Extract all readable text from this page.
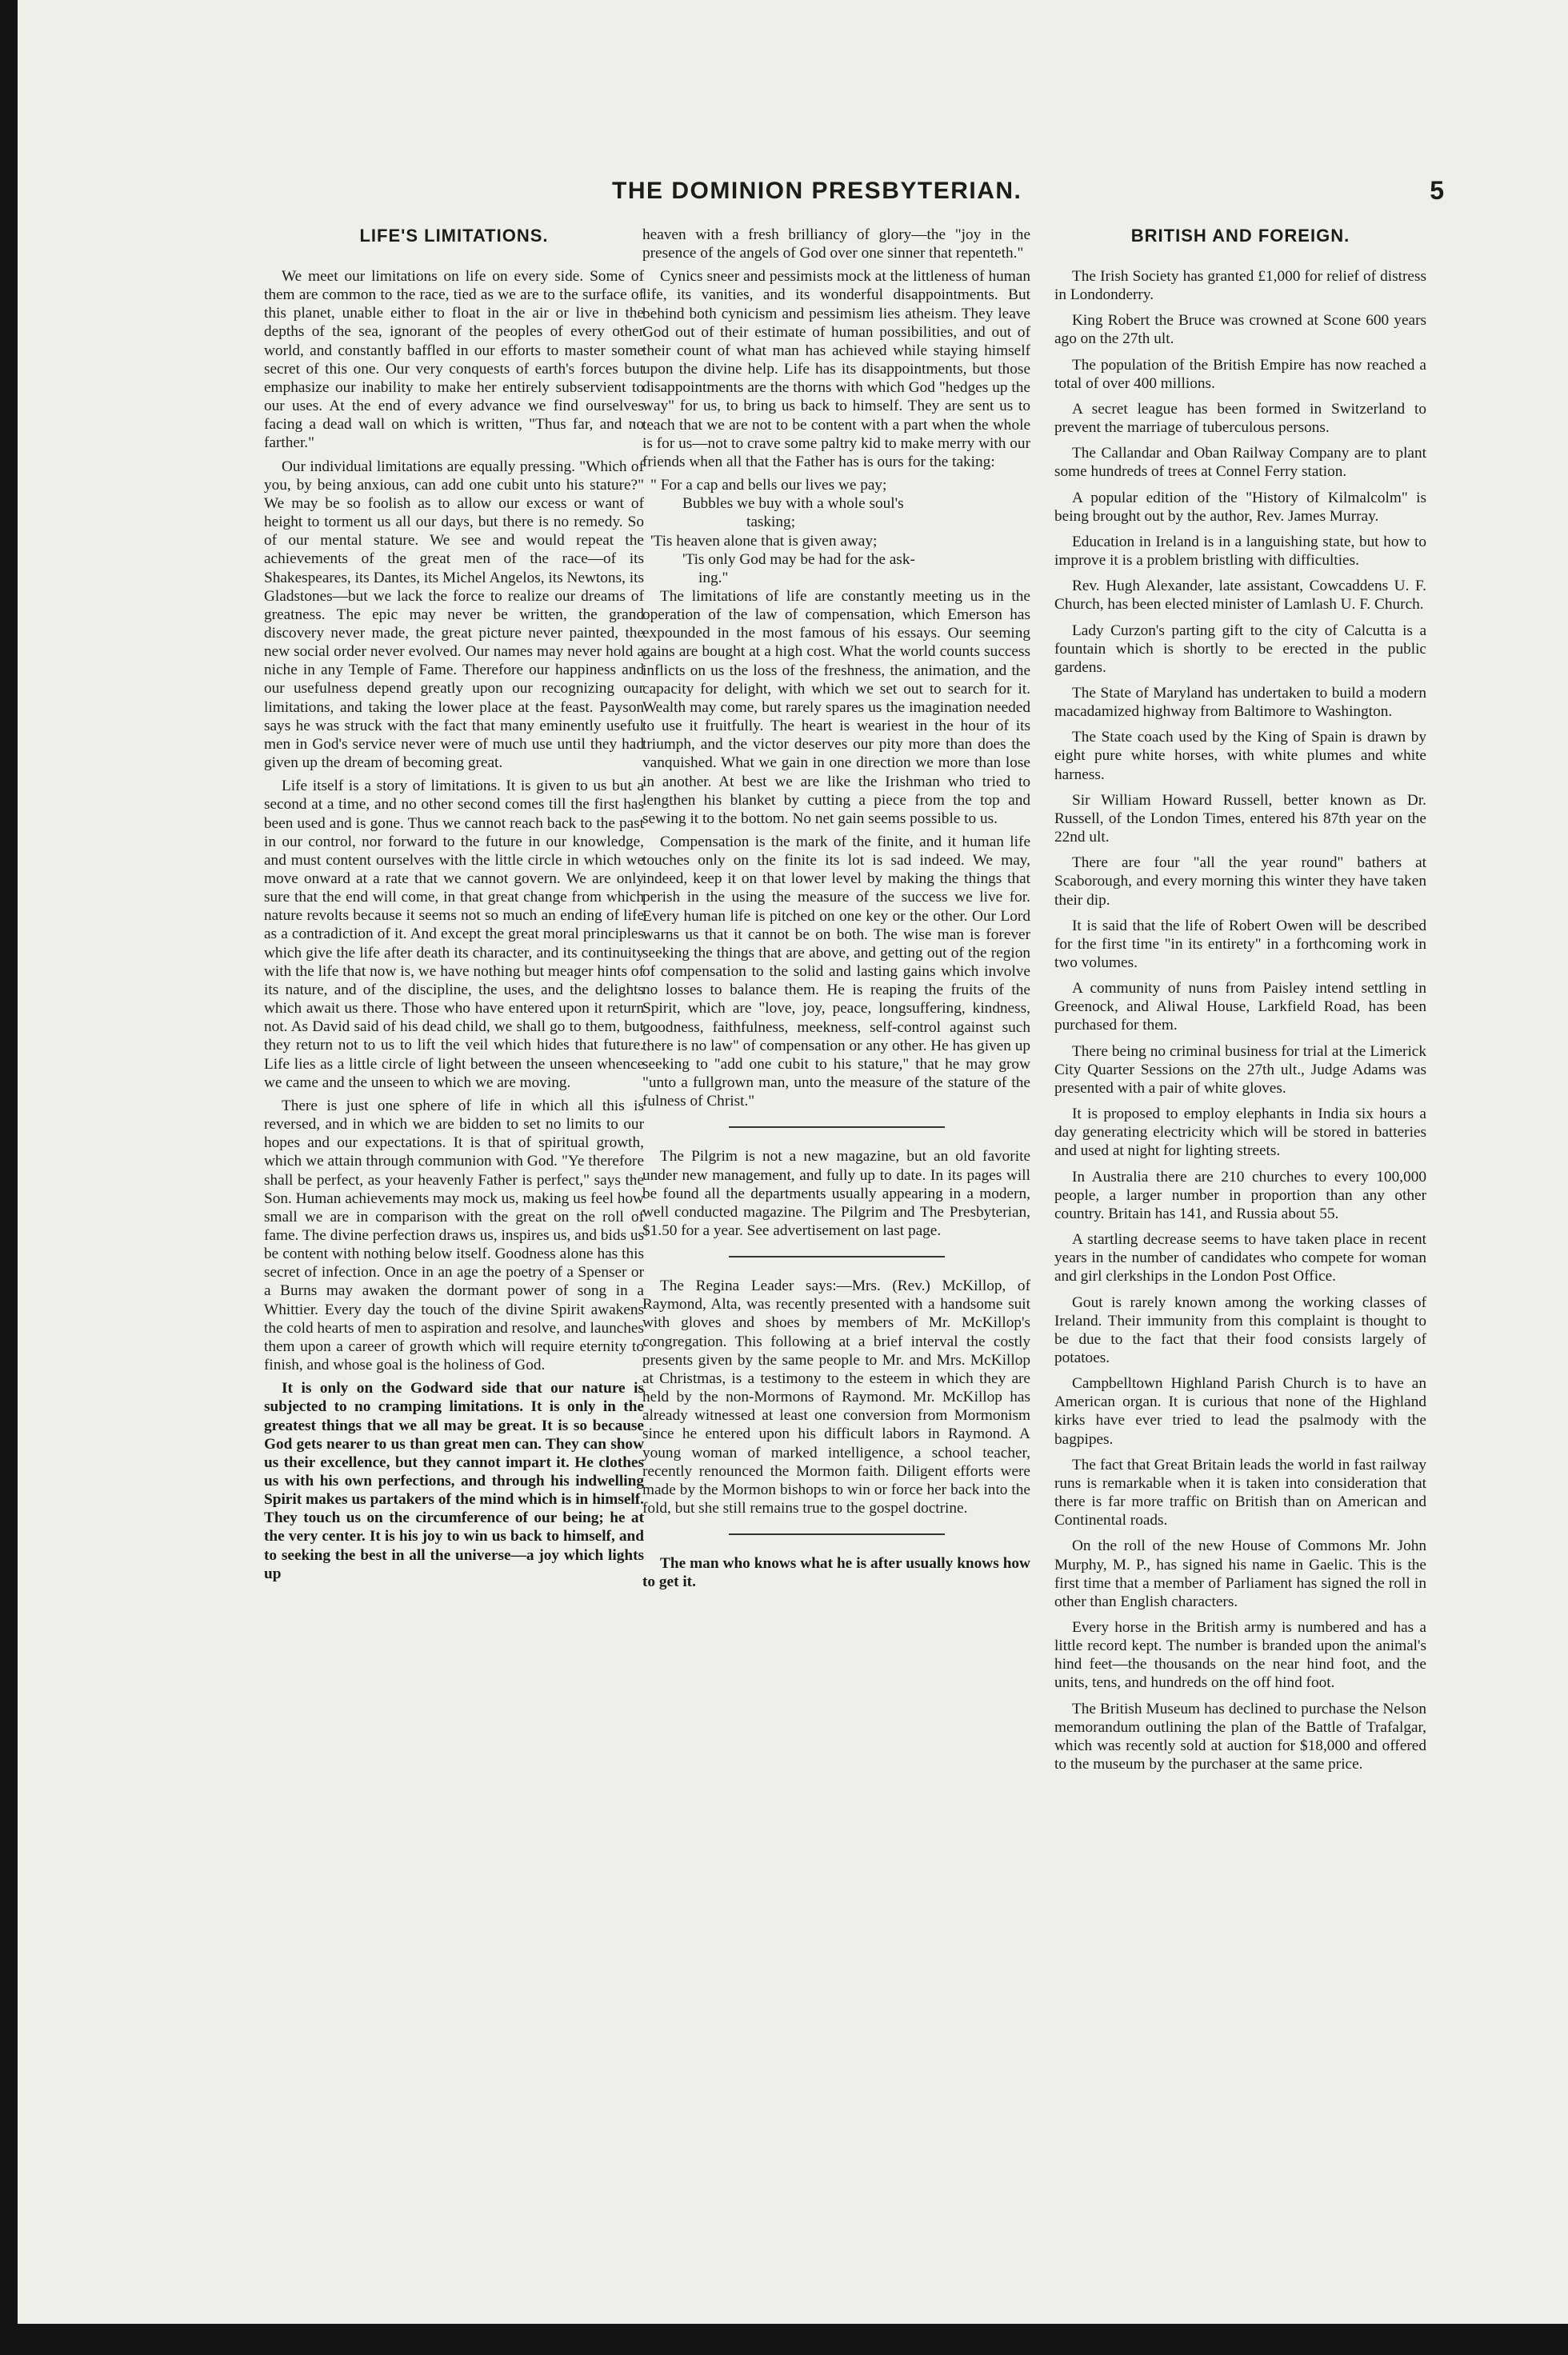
THE DOMINION PRESBYTERIAN.	5
LIFE'S LIMITATIONS.

We meet our limitations on life on every side. Some of them are common to the race, tied as we are to the surface of this planet, unable either to float in the air or live in the depths of the sea, ignorant of the peoples of every other world, and constantly baffled in our efforts to master some secret of this one. Our very conquests of earth's forces but emphasize our inability to make her entirely subservient to our uses. At the end of every advance we find ourselves facing a dead wall on which is written, "Thus far, and no farther."

Our individual limitations are equally pressing. "Which of you, by being anxious, can add one cubit unto his stature?" We may be so foolish as to allow our excess or want of height to torment us all our days, but there is no remedy. So of our mental stature. We see and would repeat the achievements of the great men of the race—of its Shakespeares, its Dantes, its Michel Angelos, its Newtons, its Gladstones—but we lack the force to realize our dreams of greatness. The epic may never be written, the grand discovery never made, the great picture never painted, the new social order never evolved. Our names may never hold a niche in any Temple of Fame. Therefore our happiness and our usefulness depend greatly upon our recognizing our limitations, and taking the lower place at the feast. Payson says he was struck with the fact that many eminently useful men in God's service never were of much use until they had given up the dream of becoming great.

Life itself is a story of limitations. It is given to us but a second at a time, and no other second comes till the first has been used and is gone. Thus we cannot reach back to the past in our control, nor forward to the future in our knowledge, and must content ourselves with the little circle in which we move onward at a rate that we cannot govern. We are only sure that the end will come, in that great change from which nature revolts because it seems not so much an ending of life as a contradiction of it. And except the great moral principles which give the life after death its character, and its continuity with the life that now is, we have nothing but meager hints of its nature, and of the discipline, the uses, and the delights which await us there. Those who have entered upon it return not. As David said of his dead child, we shall go to them, but they return not to us to lift the veil which hides that future. Life lies as a little circle of light between the unseen whence we came and the unseen to which we are moving.

There is just one sphere of life in which all this is reversed, and in which we are bidden to set no limits to our hopes and our expectations. It is that of spiritual growth, which we attain through communion with God. "Ye therefore shall be perfect, as your heavenly Father is perfect," says the Son. Human achievements may mock us, making us feel how small we are in comparison with the great on the roll of fame. The divine perfection draws us, inspires us, and bids us be content with nothing below itself. Goodness alone has this secret of infection. Once in an age the poetry of a Spenser or a Burns may awaken the dormant power of song in a Whittier. Every day the touch of the divine Spirit awakens the cold hearts of men to aspiration and resolve, and launches them upon a career of growth which will require eternity to finish, and whose goal is the holiness of God.

It is only on the Godward side that our nature is subjected to no cramping limitations. It is only in the greatest things that we all may be great. It is so because God gets nearer to us than great men can. They can show us their excellence, but they cannot impart it. He clothes us with his own perfections, and through his indwelling Spirit makes us partakers of the mind which is in himself. They touch us on the circumference of our being; he at the very center. It is his joy to win us back to himself, and to seeking the best in all the universe—a joy which lights up

heaven with a fresh brilliancy of glory—the "joy in the presence of the angels of God over one sinner that repenteth."

Cynics sneer and pessimists mock at the littleness of human life, its vanities, and its wonderful disappointments. But behind both cynicism and pessimism lies atheism. They leave God out of their estimate of human possibilities, and out of their count of what man has achieved while staying himself upon the divine help. Life has its disappointments, but those disappointments are the thorns with which God "hedges up the way" for us, to bring us back to himself. They are sent us to teach that we are not to be content with a part when the whole is for us—not to crave some paltry kid to make merry with our friends when all that the Father has is ours for the taking:

" For a cap and bells our lives we pay;
Bubbles we buy with a whole soul's
tasking;
'Tis heaven alone that is given away;
'Tis only God may be had for the ask-
ing."

The limitations of life are constantly meeting us in the operation of the law of compensation, which Emerson has expounded in the most famous of his essays. Our seeming gains are bought at a high cost. What the world counts success inflicts on us the loss of the freshness, the animation, and the capacity for delight, with which we set out to search for it. Wealth may come, but rarely spares us the imagination needed to use it fruitfully. The heart is weariest in the hour of its triumph, and the victor deserves our pity more than does the vanquished. What we gain in one direction we more than lose in another. At best we are like the Irishman who tried to lengthen his blanket by cutting a piece from the top and sewing it to the bottom. No net gain seems possible to us.

Compensation is the mark of the finite, and it human life touches only on the finite its lot is sad indeed. We may, indeed, keep it on that lower level by making the things that perish in the using the measure of the success we live for. Every human life is pitched on one key or the other. Our Lord warns us that it cannot be on both. The wise man is forever seeking the things that are above, and getting out of the region of compensation to the solid and lasting gains which involve no losses to balance them. He is reaping the fruits of the Spirit, which are "love, joy, peace, longsuffering, kindness, goodness, faithfulness, meekness, self-control against such there is no law" of compensation or any other. He has given up seeking to "add one cubit to his stature," that he may grow "unto a fullgrown man, unto the measure of the stature of the fulness of Christ."

The Pilgrim is not a new magazine, but an old favorite under new management, and fully up to date. In its pages will be found all the departments usually appearing in a modern, well conducted magazine. The Pilgrim and The Presbyterian, $1.50 for a year. See advertisement on last page.

The Regina Leader says:—Mrs. (Rev.) McKillop, of Raymond, Alta, was recently presented with a handsome suit with gloves and shoes by members of Mr. McKillop's congregation. This following at a brief interval the costly presents given by the same people to Mr. and Mrs. McKillop at Christmas, is a testimony to the esteem in which they are held by the non-Mormons of Raymond. Mr. McKillop has already witnessed at least one conversion from Mormonism since he entered upon his difficult labors in Raymond. A young woman of marked intelligence, a school teacher, recently renounced the Mormon faith. Diligent efforts were made by the Mormon bishops to win or force her back into the fold, but she still remains true to the gospel doctrine.

The man who knows what he is after usually knows how to get it.

BRITISH AND FOREIGN.

The Irish Society has granted £1,000 for relief of distress in Londonderry.

King Robert the Bruce was crowned at Scone 600 years ago on the 27th ult.

The population of the British Empire has now reached a total of over 400 millions.

A secret league has been formed in Switzerland to prevent the marriage of tuberculous persons.

The Callandar and Oban Railway Company are to plant some hundreds of trees at Connel Ferry station.

A popular edition of the "History of Kilmalcolm" is being brought out by the author, Rev. James Murray.

Education in Ireland is in a languishing state, but how to improve it is a problem bristling with difficulties.

Rev. Hugh Alexander, late assistant, Cowcaddens U. F. Church, has been elected minister of Lamlash U. F. Church.

Lady Curzon's parting gift to the city of Calcutta is a fountain which is shortly to be erected in the public gardens.

The State of Maryland has undertaken to build a modern macadamized highway from Baltimore to Washington.

The State coach used by the King of Spain is drawn by eight pure white horses, with white plumes and white harness.

Sir William Howard Russell, better known as Dr. Russell, of the London Times, entered his 87th year on the 22nd ult.

There are four "all the year round" bathers at Scaborough, and every morning this winter they have taken their dip.

It is said that the life of Robert Owen will be described for the first time "in its entirety" in a forthcoming work in two volumes.

A community of nuns from Paisley intend settling in Greenock, and Aliwal House, Larkfield Road, has been purchased for them.

There being no criminal business for trial at the Limerick City Quarter Sessions on the 27th ult., Judge Adams was presented with a pair of white gloves.

It is proposed to employ elephants in India six hours a day generating electricity which will be stored in batteries and used at night for lighting streets.

In Australia there are 210 churches to every 100,000 people, a larger number in proportion than any other country. Britain has 141, and Russia about 55.

A startling decrease seems to have taken place in recent years in the number of candidates who compete for woman and girl clerkships in the London Post Office.

Gout is rarely known among the working classes of Ireland. Their immunity from this complaint is thought to be due to the fact that their food consists largely of potatoes.

Campbelltown Highland Parish Church is to have an American organ. It is curious that none of the Highland kirks have ever tried to lead the psalmody with the bagpipes.

The fact that Great Britain leads the world in fast railway runs is remarkable when it is taken into consideration that there is far more traffic on British than on American and Continental roads.

On the roll of the new House of Commons Mr. John Murphy, M. P., has signed his name in Gaelic. This is the first time that a member of Parliament has signed the roll in other than English characters.

Every horse in the British army is numbered and has a little record kept. The number is branded upon the animal's hind feet—the thousands on the near hind foot, and the units, tens, and hundreds on the off hind foot.

The British Museum has declined to purchase the Nelson memorandum outlining the plan of the Battle of Trafalgar, which was recently sold at auction for $18,000 and offered to the museum by the purchaser at the same price.
